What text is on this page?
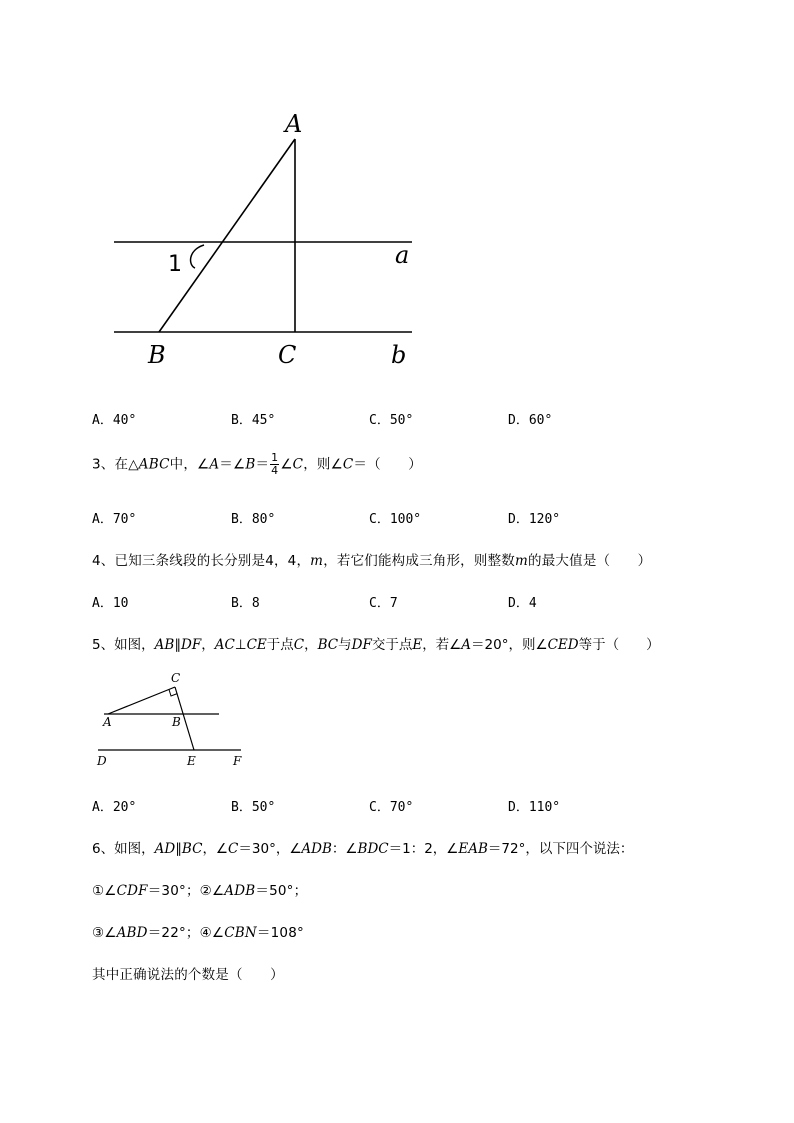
A
B	C
a
b
1
A．40°	B．45°	C．50°	D．60°
3、在△ABC中，∠A＝∠B＝ $\frac{1}{4}$ ∠C，则∠C＝（　　）
A．70°	B．80°	C．100°	D．120°
4、已知三条线段的长分别是4，4，m，若它们能构成三角形，则整数m的最大值是（　　）
A．10	B．8	C．7	D．4
5、如图，AB∥DF，AC⊥CE于点C，BC与DF交于点E，若∠A＝20°，则∠CED等于（　　）
C
A	B
D	E	F
A．20°	B．50°	C．70°	D．110°
6、如图，AD∥BC，∠C＝30°，∠ADB：∠BDC＝1：2，∠EAB＝72°，以下四个说法：
①∠CDF＝30°；②∠ADB＝50°；
③∠ABD＝22°；④∠CBN＝108°
其中正确说法的个数是（　　）
